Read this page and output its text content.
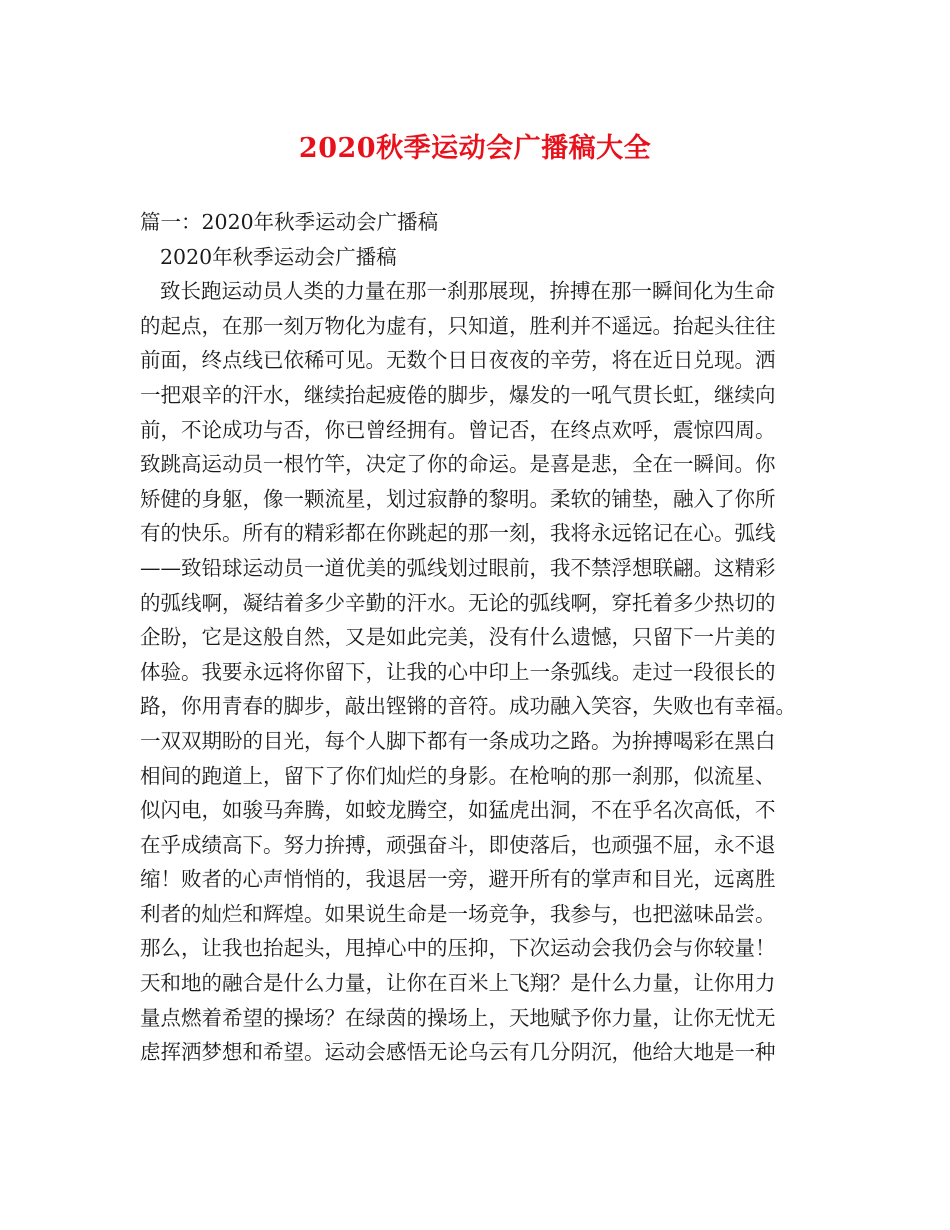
2020秋季运动会广播稿大全
篇一：2020年秋季运动会广播稿
2020年秋季运动会广播稿
致长跑运动员人类的力量在那一刹那展现，拚搏在那一瞬间化为生命
的起点，在那一刻万物化为虚有，只知道，胜利并不遥远。抬起头往往
前面，终点线已依稀可见。无数个日日夜夜的辛劳，将在近日兑现。洒
一把艰辛的汗水，继续抬起疲倦的脚步，爆发的一吼气贯长虹，继续向
前，不论成功与否，你已曾经拥有。曾记否，在终点欢呼，震惊四周。
致跳高运动员一根竹竿，决定了你的命运。是喜是悲，全在一瞬间。你
矫健的身躯，像一颗流星，划过寂静的黎明。柔软的铺垫，融入了你所
有的快乐。所有的精彩都在你跳起的那一刻，我将永远铭记在心。弧线
——致铅球运动员一道优美的弧线划过眼前，我不禁浮想联翩。这精彩
的弧线啊，凝结着多少辛勤的汗水。无论的弧线啊，穿托着多少热切的
企盼，它是这般自然，又是如此完美，没有什么遗憾，只留下一片美的
体验。我要永远将你留下，让我的心中印上一条弧线。走过一段很长的
路，你用青春的脚步，敲出铿锵的音符。成功融入笑容，失败也有幸福。
一双双期盼的目光，每个人脚下都有一条成功之路。为拚搏喝彩在黑白
相间的跑道上，留下了你们灿烂的身影。在枪响的那一刹那，似流星、
似闪电，如骏马奔腾，如蛟龙腾空，如猛虎出洞，不在乎名次高低，不
在乎成绩高下。努力拚搏，顽强奋斗，即使落后，也顽强不屈，永不退
缩！败者的心声悄悄的，我退居一旁，避开所有的掌声和目光，远离胜
利者的灿烂和辉煌。如果说生命是一场竞争，我参与，也把滋味品尝。
那么，让我也抬起头，甩掉心中的压抑，下次运动会我仍会与你较量！
天和地的融合是什么力量，让你在百米上飞翔？是什么力量，让你用力
量点燃着希望的操场？在绿茵的操场上，天地赋予你力量，让你无忧无
虑挥洒梦想和希望。运动会感悟无论乌云有几分阴沉，他给大地是一种
